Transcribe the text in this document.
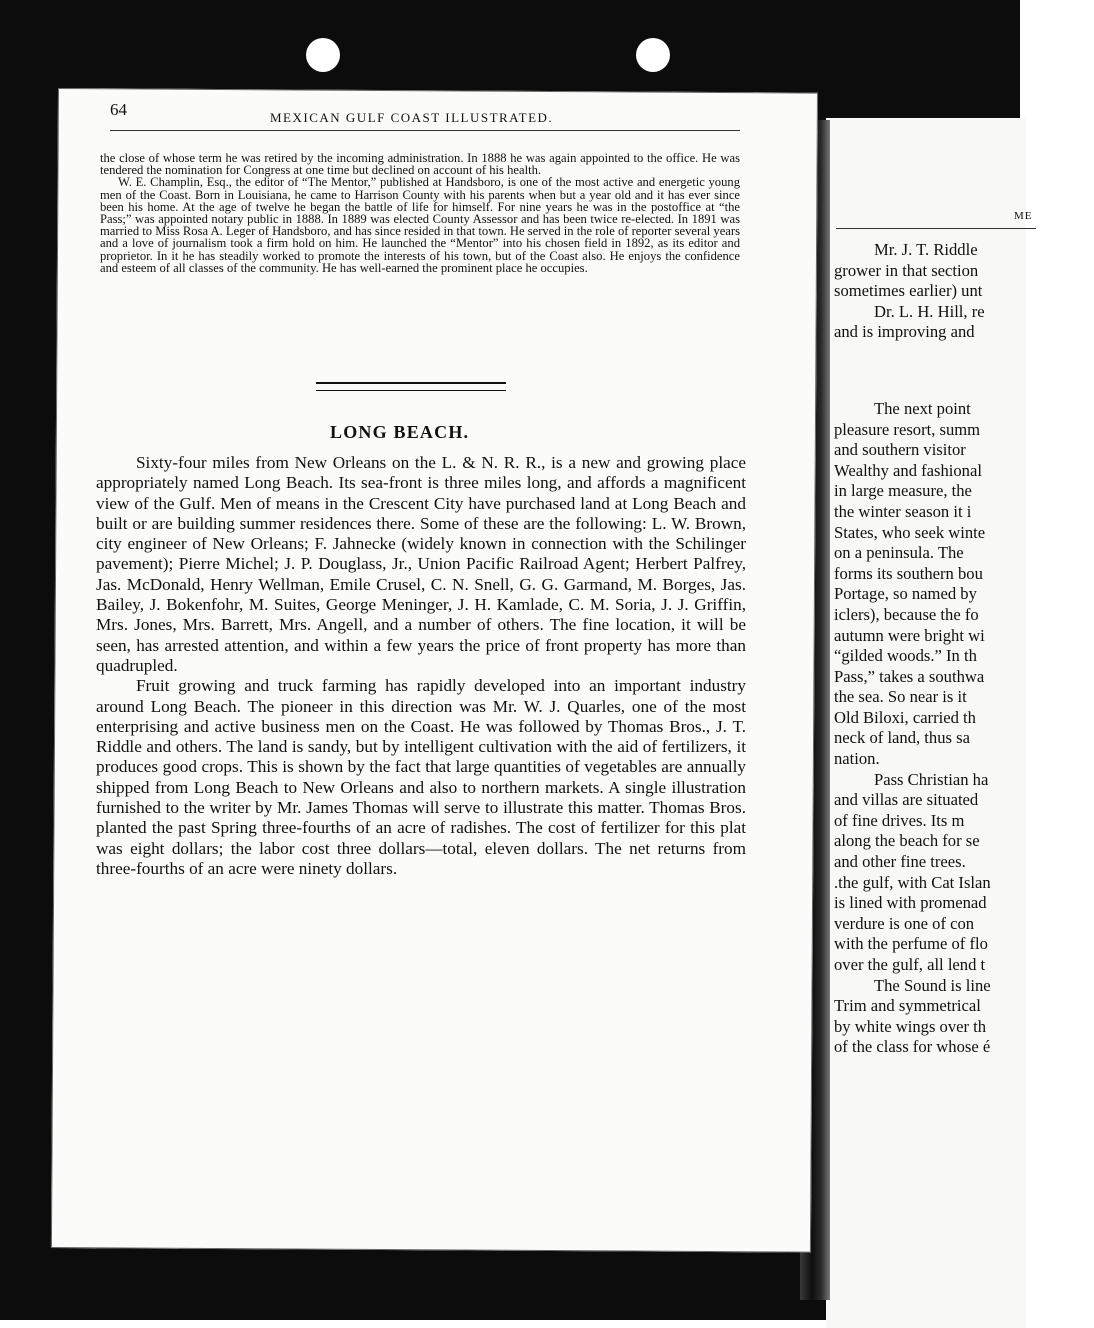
ME
Mr. J. T. Riddle
grower in that section
sometimes earlier) unt
Dr. L. H. Hill, re
and is improving and
The next point
pleasure resort, summ
and southern visitor
Wealthy and fashional
in large measure, the
the winter season it i
States, who seek winte
on a peninsula. The
forms its southern bou
Portage, so named by
iclers), because the fo
autumn were bright wi
“gilded woods.” In th
Pass,” takes a southwa
the sea. So near is it
Old Biloxi, carried th
neck of land, thus sa
nation.
Pass Christian ha
and villas are situated
of fine drives. Its m
along the beach for se
and other fine trees.
.the gulf, with Cat Islan
is lined with promenad
verdure is one of con
with the perfume of flo
over the gulf, all lend t
The Sound is line
Trim and symmetrical
by white wings over th
of the class for whose é
64	MEXICAN GULF COAST ILLUSTRATED.

the close of whose term he was retired by the incoming administration. In 1888 he was again appointed to the office. He was tendered the nomination for Congress at one time but declined on account of his health.

W. E. Champlin, Esq., the editor of “The Mentor,” published at Handsboro, is one of the most active and energetic young men of the Coast. Born in Louisiana, he came to Harrison County with his parents when but a year old and it has ever since been his home. At the age of twelve he began the battle of life for himself. For nine years he was in the postoffice at “the Pass;” was appointed notary public in 1888. In 1889 was elected County Assessor and has been twice re-elected. In 1891 was married to Miss Rosa A. Leger of Handsboro, and has since resided in that town. He served in the role of reporter several years and a love of journalism took a firm hold on him. He launched the “Mentor” into his chosen field in 1892, as its editor and proprietor. In it he has steadily worked to promote the interests of his town, but of the Coast also. He enjoys the confidence and esteem of all classes of the community. He has well-earned the prominent place he occupies.

LONG BEACH.

Sixty-four miles from New Orleans on the L. & N. R. R., is a new and growing place appropriately named Long Beach. Its sea-front is three miles long, and affords a magnificent view of the Gulf. Men of means in the Crescent City have purchased land at Long Beach and built or are building summer residences there. Some of these are the following: L. W. Brown, city engineer of New Orleans; F. Jahnecke (widely known in connection with the Schilinger pavement); Pierre Michel; J. P. Douglass, Jr., Union Pacific Railroad Agent; Herbert Palfrey, Jas. McDonald, Henry Wellman, Emile Crusel, C. N. Snell, G. G. Garmand, M. Borges, Jas. Bailey, J. Bokenfohr, M. Suites, George Meninger, J. H. Kamlade, C. M. Soria, J. J. Griffin, Mrs. Jones, Mrs. Barrett, Mrs. Angell, and a number of others. The fine location, it will be seen, has arrested attention, and within a few years the price of front property has more than quadrupled.

Fruit growing and truck farming has rapidly developed into an important industry around Long Beach. The pioneer in this direction was Mr. W. J. Quarles, one of the most enterprising and active business men on the Coast. He was followed by Thomas Bros., J. T. Riddle and others. The land is sandy, but by intelligent cultivation with the aid of fertilizers, it produces good crops. This is shown by the fact that large quantities of vegetables are annually shipped from Long Beach to New Orleans and also to northern markets. A single illustration furnished to the writer by Mr. James Thomas will serve to illustrate this matter. Thomas Bros. planted the past Spring three-fourths of an acre of radishes. The cost of fertilizer for this plat was eight dollars; the labor cost three dollars—total, eleven dollars. The net returns from three-fourths of an acre were ninety dollars.
